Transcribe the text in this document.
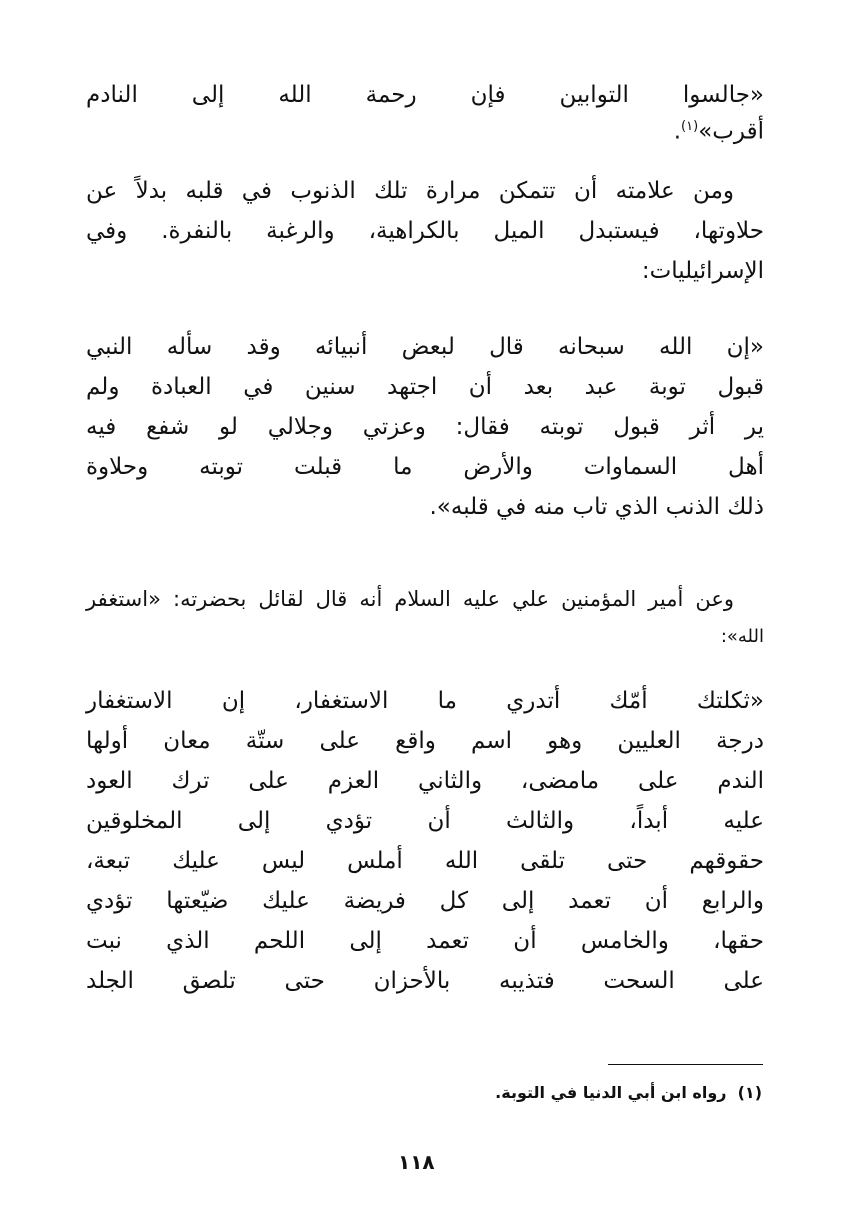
«جالسوا التوابين فإن رحمة الله إلى النادم
أقرب»$^{(١)}$.
ومن علامته أن تتمكن مرارة تلك الذنوب في قلبه بدلاً عن
حلاوتها، فيستبدل الميل بالكراهية، والرغبة بالنفرة. وفي
الإسرائيليات:
«إن الله سبحانه قال لبعض أنبيائه وقد سأله النبي
قبول توبة عبد بعد أن اجتهد سنين في العبادة ولم
ير أثر قبول توبته فقال: وعزتي وجلالي لو شفع فيه
أهل السماوات والأرض ما قبلت توبته وحلاوة
ذلك الذنب الذي تاب منه في قلبه».
وعن أمير المؤمنين علي عليه السلام أنه قال لقائل بحضرته: «استغفر
الله»:
«ثكلتك أمّك أتدري ما الاستغفار، إن الاستغفار
درجة العليين وهو اسم واقع على ستّة معان أولها
الندم على مامضى، والثاني العزم على ترك العود
عليه أبداً، والثالث أن تؤدي إلى المخلوقين
حقوقهم حتى تلقى الله أملس ليس عليك تبعة،
والرابع أن تعمد إلى كل فريضة عليك ضيّعتها تؤدي
حقها، والخامس أن تعمد إلى اللحم الذي نبت
على السحت فتذيبه بالأحزان حتى تلصق الجلد
(١)  رواه ابن أبي الدنيا في التوبة.
١١٨
